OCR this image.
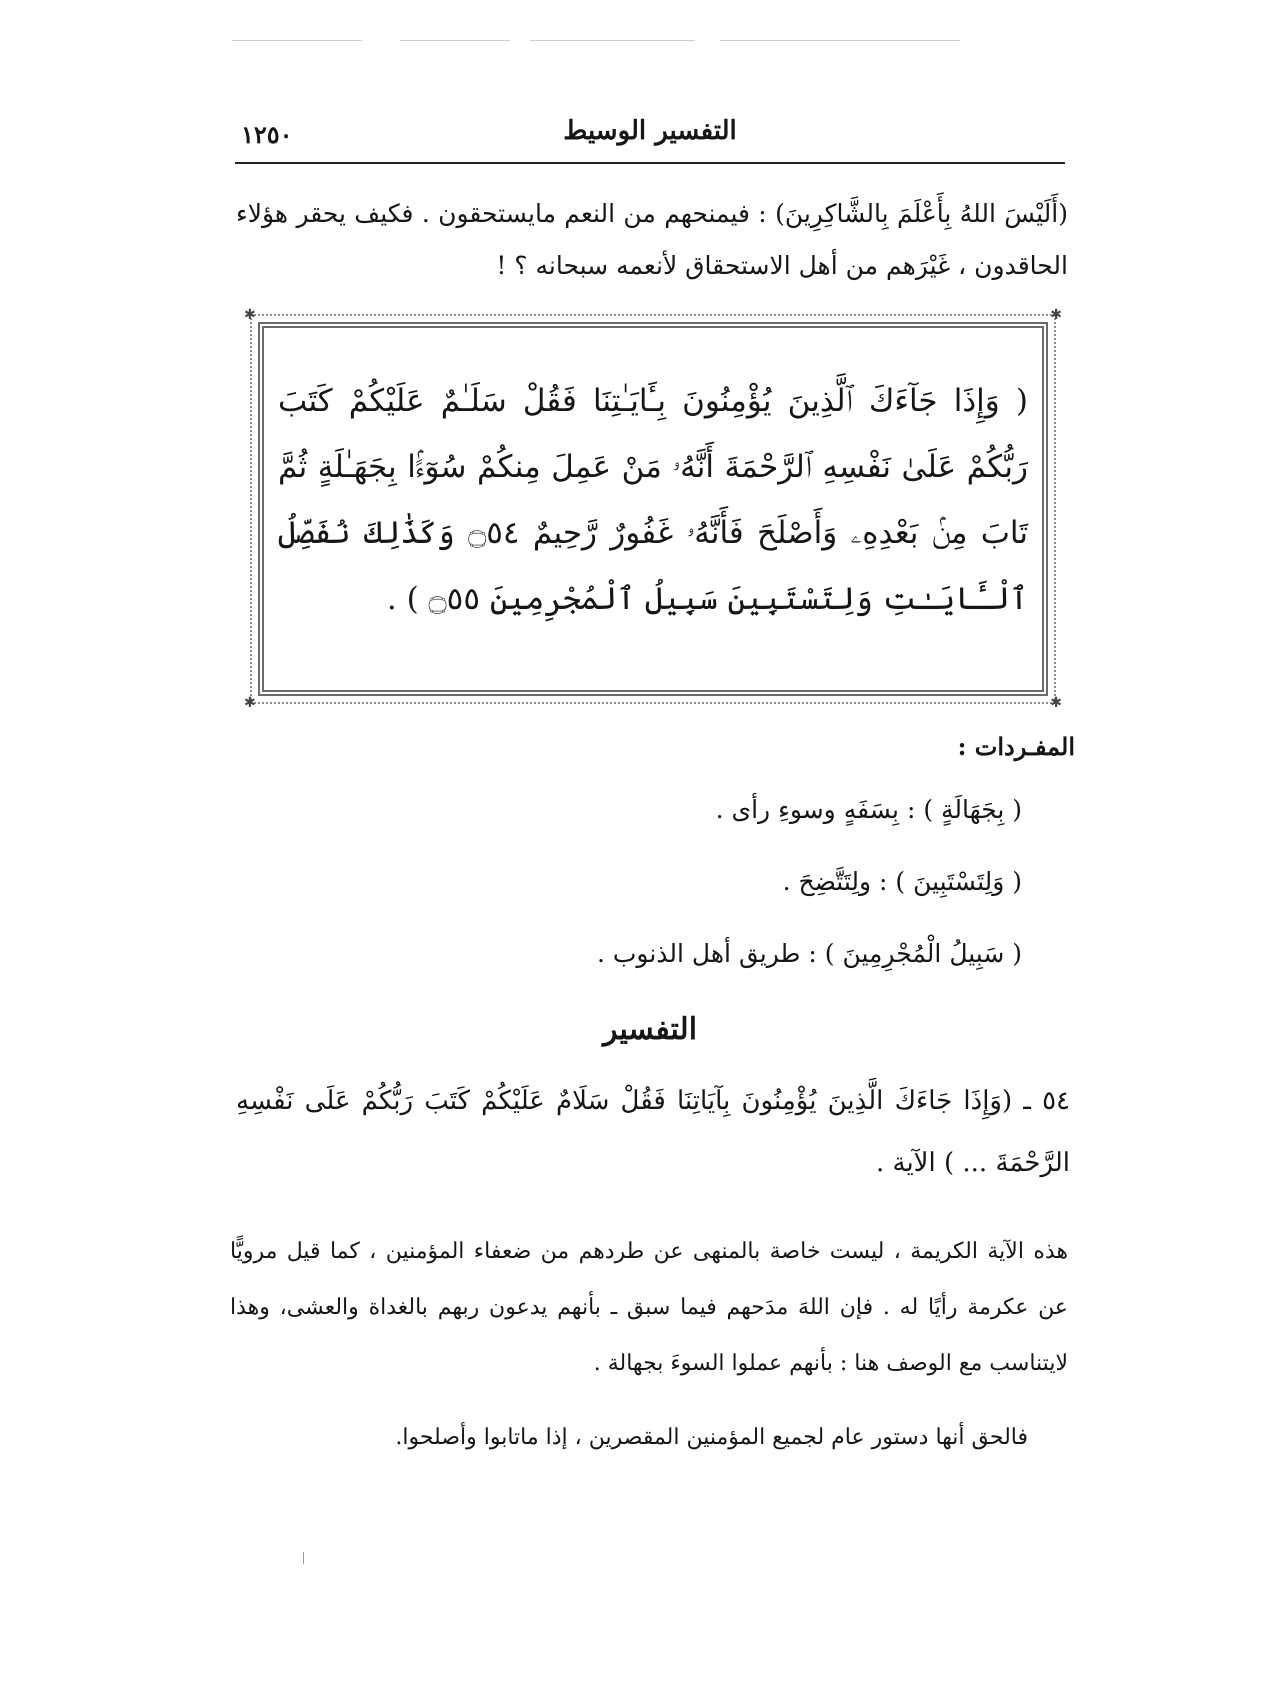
١٢٥٠	التفسير الوسيط

(أَلَيْسَ اللهُ بِأَعْلَمَ بِالشَّاكِرِينَ) : فيمنحهم من النعم مايستحقون . فكيف يحقر هؤلاء الحاقدون ، غَيْرَهم من أهل الاستحقاق لأنعمه سبحانه ؟ !

✱	✱
✱	✱

( وَإِذَا جَآءَكَ ٱلَّذِينَ يُؤْمِنُونَ بِـَٔايَـٰتِنَا فَقُلْ سَلَـٰمٌ عَلَيْكُمْ كَتَبَ رَبُّكُمْ عَلَىٰ نَفْسِهِ ٱلرَّحْمَةَ أَنَّهُۥ مَنْ عَمِلَ مِنكُمْ سُوٓءًۢا بِجَهَـٰلَةٍ ثُمَّ تَابَ مِنۢ بَعْدِهِۦ وَأَصْلَحَ فَأَنَّهُۥ غَفُورٌ رَّحِيمٌ ۝٥٤ وَكَذَٰلِكَ نُفَصِّلُ ٱلْـَٔايَـٰتِ وَلِتَسْتَبِينَ سَبِيلُ ٱلْمُجْرِمِينَ ۝٥٥ ) .

المفـردات :
( بِجَهَالَةٍ ) : بِسَفَهٍ وسوءِ رأى .
( وَلِتَسْتَبِينَ ) : ولِتَتَّضِحَ .
( سَبِيلُ الْمُجْرِمِينَ ) : طريق أهل الذنوب .
التفسير

٥٤ ـ (وَإِذَا جَاءَكَ الَّذِينَ يُؤْمِنُونَ بِآيَاتِنَا فَقُلْ سَلَامٌ عَلَيْكُمْ كَتَبَ رَبُّكُمْ عَلَى نَفْسِهِ الرَّحْمَةَ ... ) الآية .

هذه الآية الكريمة ، ليست خاصة بالمنهى عن طردهم من ضعفاء المؤمنين ، كما قيل مرويًّا عن عكرمة رأيًا له . فإن اللهَ مدَحهم فيما سبق ـ بأنهم يدعون ربهم بالغداة والعشى، وهذا لايتناسب مع الوصف هنا : بأنهم عملوا السوءَ بجهالة .

فالحق أنها دستور عام لجميع المؤمنين المقصرين ، إذا ماتابوا وأصلحوا.
